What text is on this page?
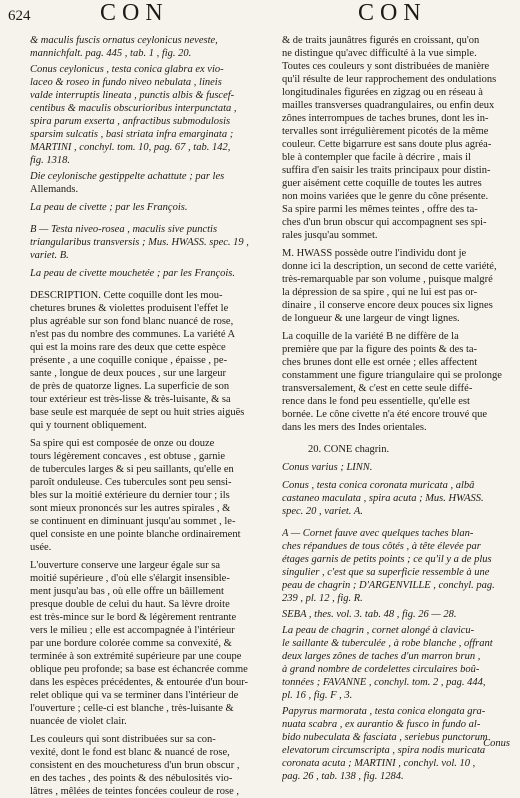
624	CON	CON
& maculis fuscis ornatus ceylonicus neveste,
mannichfalt. pag. 445 , tab. 1 , fig. 20.
Conus ceylonicus , testa conica glabra ex vio-
laceo & roseo in fundo niveo nebulata , lineis
valde interruptis lineata , punctis albis & fuscef-
centibus & maculis obscurioribus interpunctata ,
spira parum exserta , anfractibus submodulosis
sparsim sulcatis , basi striata infra emarginata ;
MARTINI , conchyl. tom. 10, pag. 67 , tab. 142,
fig. 1318.
Die ceylonische gestippelte achattute ; par les
Allemands.
La peau de civette ; par les François.
B — Testa niveo-rosea , maculis sive punctis
triangularibus transversis ; Mus. HWASS. spec. 19 ,
variet. B.
La peau de civette mouchetée ; par les François.
DESCRIPTION. Cette coquille dont les mou-
chetures brunes & violettes produisent l'effet le
plus agréable sur son fond blanc nuancé de rose,
n'est pas du nombre des communes. La variété A
qui est la moins rare des deux que cette espèce
présente , a une coquille conique , épaisse , pe-
sante , longue de deux pouces , sur une largeur
de près de quatorze lignes. La superficie de son
tour extérieur est très-lisse & très-luisante, & sa
base seule est marquée de sept ou huit stries aiguës
qui y tournent obliquement.
Sa spire qui est composée de onze ou douze
tours légèrement concaves , est obtuse , garnie
de tubercules larges & si peu saillants, qu'elle en
paroît onduleuse. Ces tubercules sont peu sensi-
bles sur la moitié extérieure du dernier tour ; ils
sont mieux prononcés sur les autres spirales , &
se continuent en diminuant jusqu'au sommet , le-
quel consiste en une pointe blanche ordinairement
usée.
L'ouverture conserve une largeur égale sur sa
moitié supérieure , d'où elle s'élargit insensible-
ment jusqu'au bas , où elle offre un bâillement
presque double de celui du haut. Sa lèvre droite
est très-mince sur le bord & légèrement rentrante
vers le milieu ; elle est accompagnée à l'intérieur
par une bordure colorée comme sa convexité, &
terminée à son extrémité supérieure par une coupe
oblique peu profonde; sa base est échancrée comme
dans les espèces précédentes, & entourée d'un bour-
relet oblique qui va se terminer dans l'intérieur de
l'ouverture ; celle-ci est blanche , très-luisante &
nuancée de violet clair.
Les couleurs qui sont distribuées sur sa con-
vexité, dont le fond est blanc & nuancé de rose,
consistent en des moucheturess d'un brun obscur ,
en des taches , des points & des nébulosités vio-
lâtres , mêlées de teintes foncées couleur de rose ,
& de traits jaunâtres figurés en croissant, qu'on
ne distingue qu'avec difficulté à la vue simple.
Toutes ces couleurs y sont distribuées de manière
qu'il résulte de leur rapprochement des ondulations
longitudinales figurées en zigzag ou en réseau à
mailles transverses quadrangulaires, ou enfin deux
zônes interrompues de taches brunes, dont les in-
tervalles sont irrégulièrement picotés de la même
couleur. Cette bigarrure est sans doute plus agréa-
ble à contempler que facile à décrire , mais il
suffira d'en saisir les traits principaux pour distin-
guer aisément cette coquille de toutes les autres
non moins variées que le genre du cône présente.
Sa spire parmi les mêmes teintes , offre des ta-
ches d'un brun obscur qui accompagnent ses spi-
rales jusqu'au sommet.
M. HWASS possède outre l'individu dont je
donne ici la description, un second de cette variété,
très-remarquable par son volume , puisque malgré
la dépression de sa spire , qui ne lui est pas or-
dinaire , il conserve encore deux pouces six lignes
de longueur & une largeur de vingt lignes.
La coquille de la variété B ne diffère de la
première que par la figure des points & des ta-
ches brunes dont elle est ornée ; elles affectent
constamment une figure triangulaire qui se prolonge
transversalement, & c'est en cette seule diffé-
rence dans le fond peu essentielle, qu'elle est
bornée. Le cône civette n'a été encore trouvé que
dans les mers des Indes orientales.
20. CONE chagrin.
Conus varius ; LINN.
Conus , testa conica coronata muricata , albâ
castaneo maculata , spira acuta ; Mus. HWASS.
spec. 20 , variet. A.
A — Cornet fauve avec quelques taches blan-
ches répandues de tous côtés , à tête élevée par
étages garnis de petits points ; ce qu'il y a de plus
singulier , c'est que sa superficie ressemble à une
peau de chagrin ; D'ARGENVILLE , conchyl. pag.
239 , pl. 12 , fig. R.
SEBA , thes. vol. 3. tab. 48 , fig. 26 — 28.
La peau de chagrin , cornet alongé à clavicu-
le saillante & tuberculée , à robe blanche , offrant
deux larges zônes de taches d'un marron brun ,
à grand nombre de cordelettes circulaires boû-
tonnées ; FAVANNE , conchyl. tom. 2 , pag. 444,
pl. 16 , fig. F , 3.
Papyrus marmorata , testa conica elongata gra-
nuata scabra , ex aurantio & fusco in fundo al-
bido nubeculata & fasciata , seriebus punctorum
elevatorum circumscripta , spira nodis muricata
coronata acuta ; MARTINI , conchyl. vol. 10 ,
pag. 26 , tab. 138 , fig. 1284.
Conus
